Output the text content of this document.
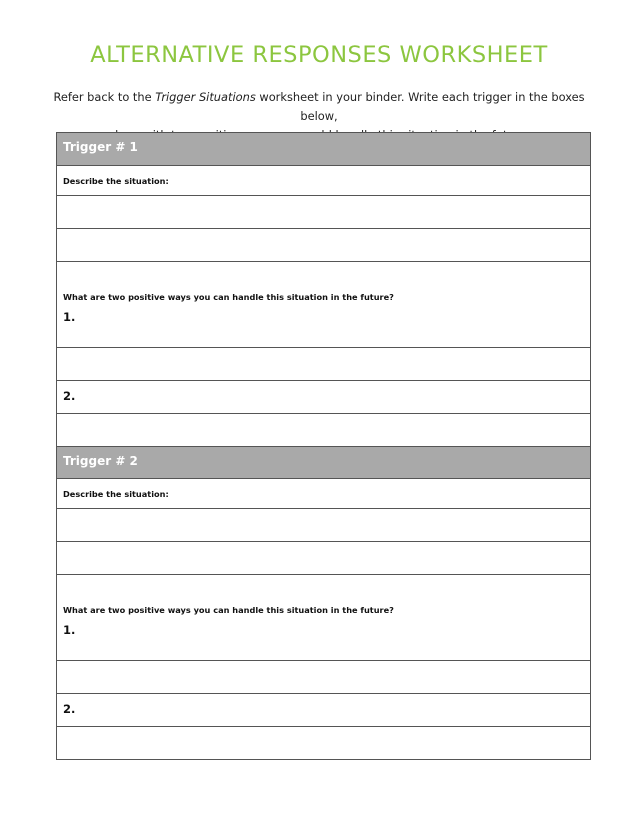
ALTERNATIVE RESPONSES WORKSHEET
Refer back to the Trigger Situations worksheet in your binder. Write each trigger in the boxes below,
Trigger # 1
Describe the situation:
What are two positive ways you can handle this situation in the future?
1.
2.
Trigger # 2
Describe the situation:
What are two positive ways you can handle this situation in the future?
1.
2.
